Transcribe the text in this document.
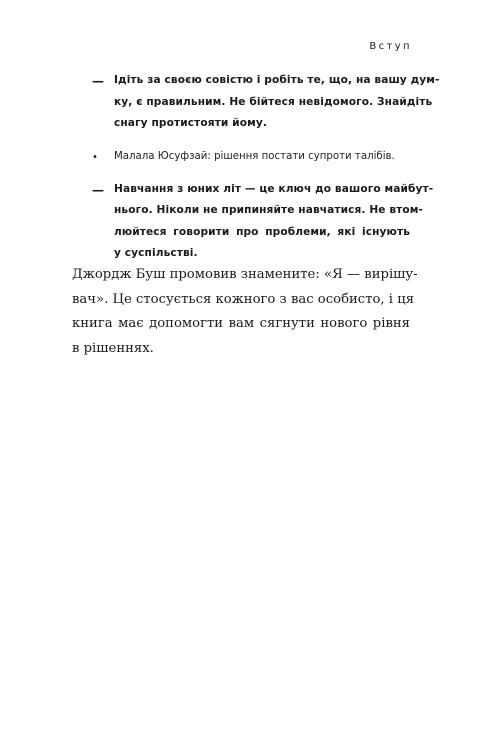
Вступ
— Ідіть за своєю совістю і робіть те, що, на вашу дум-
ку, є правильним. Не бійтеся невідомого. Знайдіть
снагу протистояти йому.
• Малала Юсуфзай: рішення постати супроти талібів.
— Навчання з юних літ — це ключ до вашого майбут-
нього. Ніколи не припиняйте навчатися. Не втом-
люйтеся говорити про проблеми, які існують
у суспільстві.
Джордж Буш промовив знамените: «Я — вирішу-
вач». Це стосується кожного з вас особисто, і ця
книга має допомогти вам сягнути нового рівня
в рішеннях.
